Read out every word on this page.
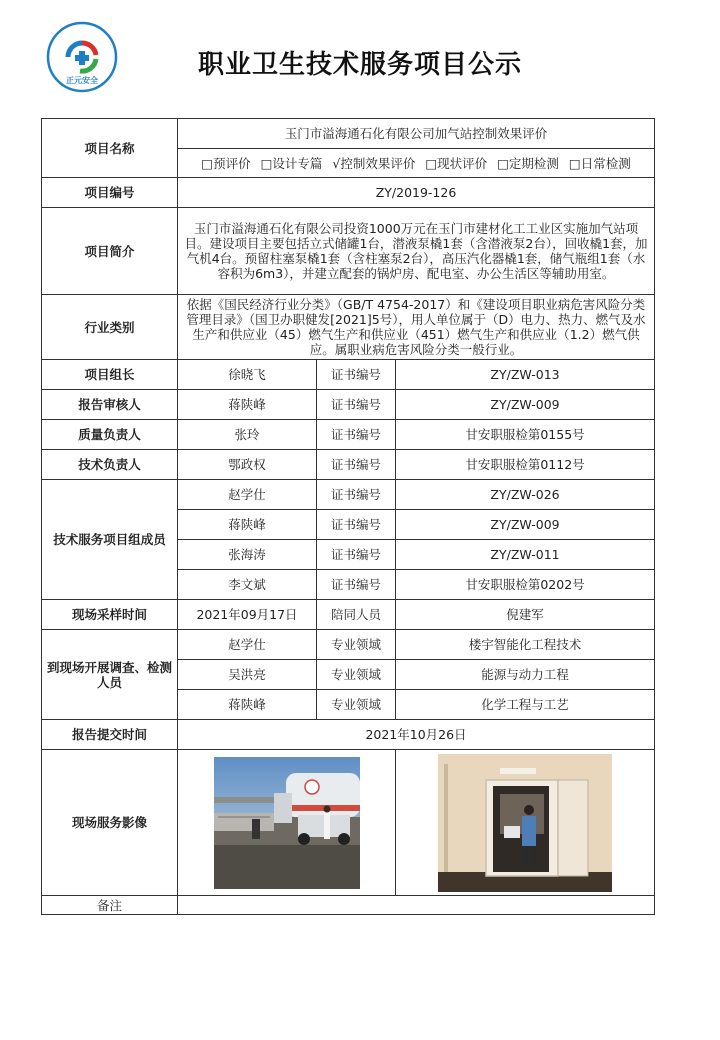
正元安全
职业卫生技术服务项目公示
项目名称	玉门市溢海通石化有限公司加气站控制效果评价		
	□预评价 □设计专篇 √控制效果评价 □现状评价 □定期检测 □日常检测		
项目编号	ZY/2019-126		
项目简介	玉门市溢海通石化有限公司投资1000万元在玉门市建材化工工业区实施加气站项目。建设项目主要包括立式储罐1台，潜液泵橇1套（含潜液泵2台），回收橇1套，加气机4台。预留柱塞泵橇1套（含柱塞泵2台），高压汽化器橇1套，储气瓶组1套（水容积为6m3），并建立配套的锅炉房、配电室、办公生活区等辅助用室。		
行业类别	依据《国民经济行业分类》（GB/T 4754-2017）和《建设项目职业病危害风险分类管理目录》（国卫办职健发[2021]5号），用人单位属于（D）电力、热力、燃气及水生产和供应业（45）燃气生产和供应业（451）燃气生产和供应业（1.2）燃气供应。属职业病危害风险分类一般行业。		
项目组长	徐晓飞	证书编号	ZY/ZW-013
报告审核人	蒋陕峰	证书编号	ZY/ZW-009
质量负责人	张玲	证书编号	甘安职服检第0155号
技术负责人	鄂政权	证书编号	甘安职服检第0112号
技术服务项目组成员	赵学仕	证书编号	ZY/ZW-026
	蒋陕峰	证书编号	ZY/ZW-009
	张海涛	证书编号	ZY/ZW-011
	李文斌	证书编号	甘安职服检第0202号
现场采样时间	2021年09月17日	陪同人员	倪建军
到现场开展调查、检测人员	赵学仕	专业领域	楼宇智能化工程技术
	吴洪亮	专业领域	能源与动力工程
	蒋陕峰	专业领域	化学工程与工艺
报告提交时间	2021年10月26日		
现场服务影像	

备注			
